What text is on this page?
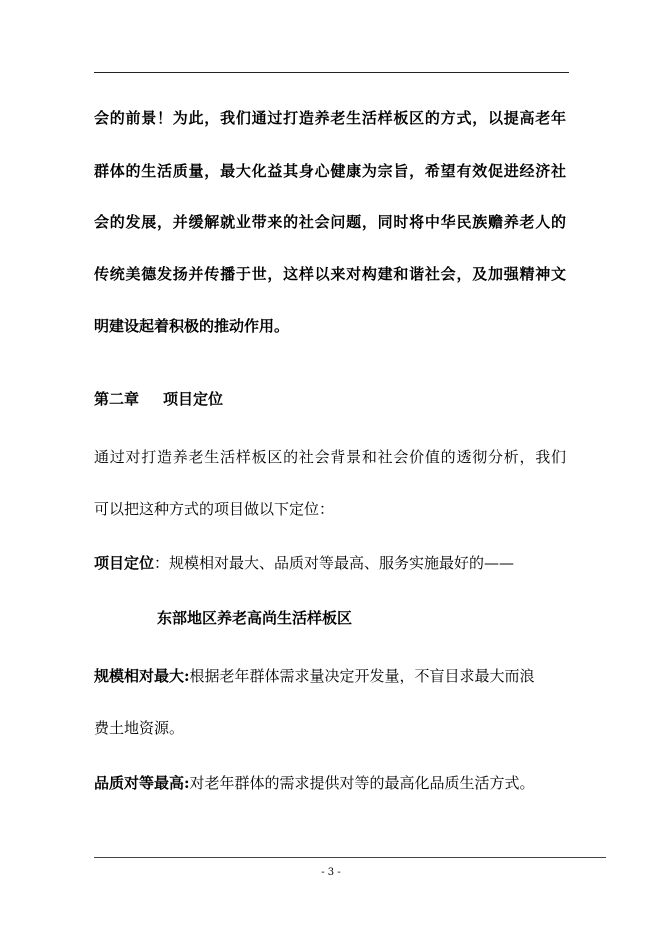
会的前景！为此，我们通过打造养老生活样板区的方式，以提高老年
群体的生活质量，最大化益其身心健康为宗旨，希望有效促进经济社
会的发展，并缓解就业带来的社会问题，同时将中华民族赡养老人的
传统美德发扬并传播于世，这样以来对构建和谐社会，及加强精神文
明建设起着积极的推动作用。
第二章 项目定位
通过对打造养老生活样板区的社会背景和社会价值的透彻分析，我们
可以把这种方式的项目做以下定位：
项目定位：规模相对最大、品质对等最高、服务实施最好的——
东部地区养老高尚生活样板区
规模相对最大:根据老年群体需求量决定开发量，不盲目求最大而浪
费土地资源。
品质对等最高:对老年群体的需求提供对等的最高化品质生活方式。
- 3 -
